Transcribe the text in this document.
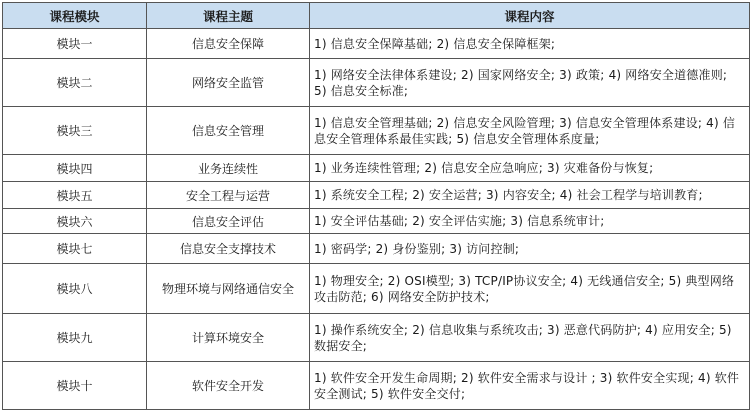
课程模块	课程主题	课程内容
模块一	信息安全保障	1) 信息安全保障基础; 2) 信息安全保障框架;
模块二	网络安全监管	1) 网络安全法律体系建设; 2) 国家网络安全; 3) 政策; 4) 网络安全道德准则; 5) 信息安全标准;
模块三	信息安全管理	1) 信息安全管理基础; 2) 信息安全风险管理; 3) 信息安全管理体系建设; 4) 信息安全管理体系最佳实践; 5) 信息安全管理体系度量;
模块四	业务连续性	1) 业务连续性管理; 2) 信息安全应急响应; 3) 灾难备份与恢复;
模块五	安全工程与运营	1) 系统安全工程; 2) 安全运营; 3) 内容安全; 4) 社会工程学与培训教育;
模块六	信息安全评估	1) 安全评估基础; 2) 安全评估实施; 3) 信息系统审计;
模块七	信息安全支撑技术	1) 密码学; 2) 身份鉴别; 3) 访问控制;
模块八	物理环境与网络通信安全	1) 物理安全; 2) OSI模型; 3) TCP/IP协议安全; 4) 无线通信安全; 5) 典型网络攻击防范; 6) 网络安全防护技术;
模块九	计算环境安全	1) 操作系统安全; 2) 信息收集与系统攻击; 3) 恶意代码防护; 4) 应用安全; 5) 数据安全;
模块十	软件安全开发	1) 软件安全开发生命周期; 2) 软件安全需求与设计 ; 3) 软件安全实现; 4) 软件安全测试; 5) 软件安全交付;
